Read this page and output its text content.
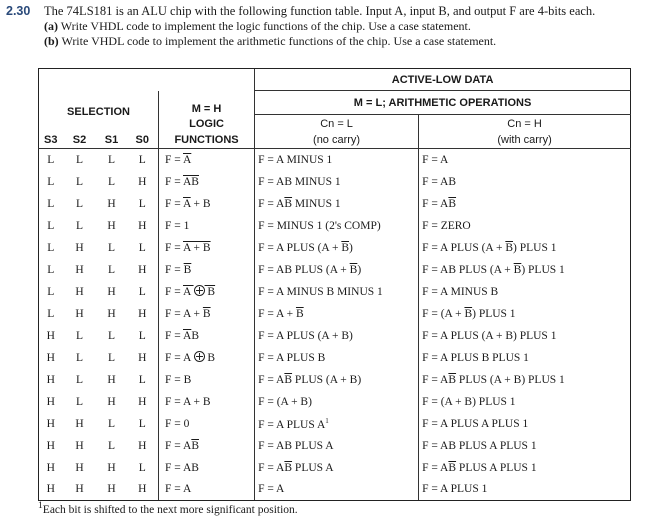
2.30 The 74LS181 is an ALU chip with the following function table. Input A, input B, and output F are 4-bits each.
(a) Write VHDL code to implement the logic functions of the chip. Use a case statement.
(b) Write VHDL code to implement the arithmetic functions of the chip. Use a case statement.
					ACTIVE-LOW DATA	
SELECTION				M = H	M = L; ARITHMETIC OPERATIONS	
				LOGIC	Cn = L	Cn = H
S3	S2	S1	S0	FUNCTIONS	(no carry)	(with carry)
L	L	L	L	$F = \overline{A}$	F = A MINUS 1	F = A
L	L	L	H	$F = \overline{AB}$	F = AB MINUS 1	F = AB
L	L	H	L	$F = \overline{A} + B$	$F = A\overline{B}$ MINUS 1	$F = A\overline{B}$
L	L	H	H	F = 1	F = MINUS 1 (2's COMP)	F = ZERO
L	H	L	L	F = A + B	F = A PLUS $(A + \overline{B})$	F = A PLUS $(A + \overline{B})$ PLUS 1
L	H	L	H	$F = \overline{B}$	F = AB PLUS $(A + \overline{B})$	F = AB PLUS $(A + \overline{B})$ PLUS 1
L	H	H	L	F = A  B	F = A MINUS B MINUS 1	F = A MINUS B
L	H	H	H	$F = A + \overline{B}$	$F = A + \overline{B}$	$F = (A + \overline{B})$ PLUS 1
H	L	L	L	$F = \overline{A}B$	F = A PLUS (A + B)	F = A PLUS (A + B) PLUS 1
H	L	L	H	F = A  B	F = A PLUS B	F = A PLUS B PLUS 1
H	L	H	L	F = B	$F = A\overline{B}$ PLUS (A + B)	$F = A\overline{B}$ PLUS (A + B) PLUS 1
H	L	H	H	F = A + B	F = (A + B)	F = (A + B) PLUS 1
H	H	L	L	F = 0	F = A PLUS $A^1$	F = A PLUS A PLUS 1
H	H	L	H	$F = A\overline{B}$	F = AB PLUS A	F = AB PLUS A PLUS 1
H	H	H	L	F = AB	$F = A\overline{B}$ PLUS A	$F = A\overline{B}$ PLUS A PLUS 1
H	H	H	H	F = A	F = A	F = A PLUS 1
$^1$Each bit is shifted to the next more significant position.
